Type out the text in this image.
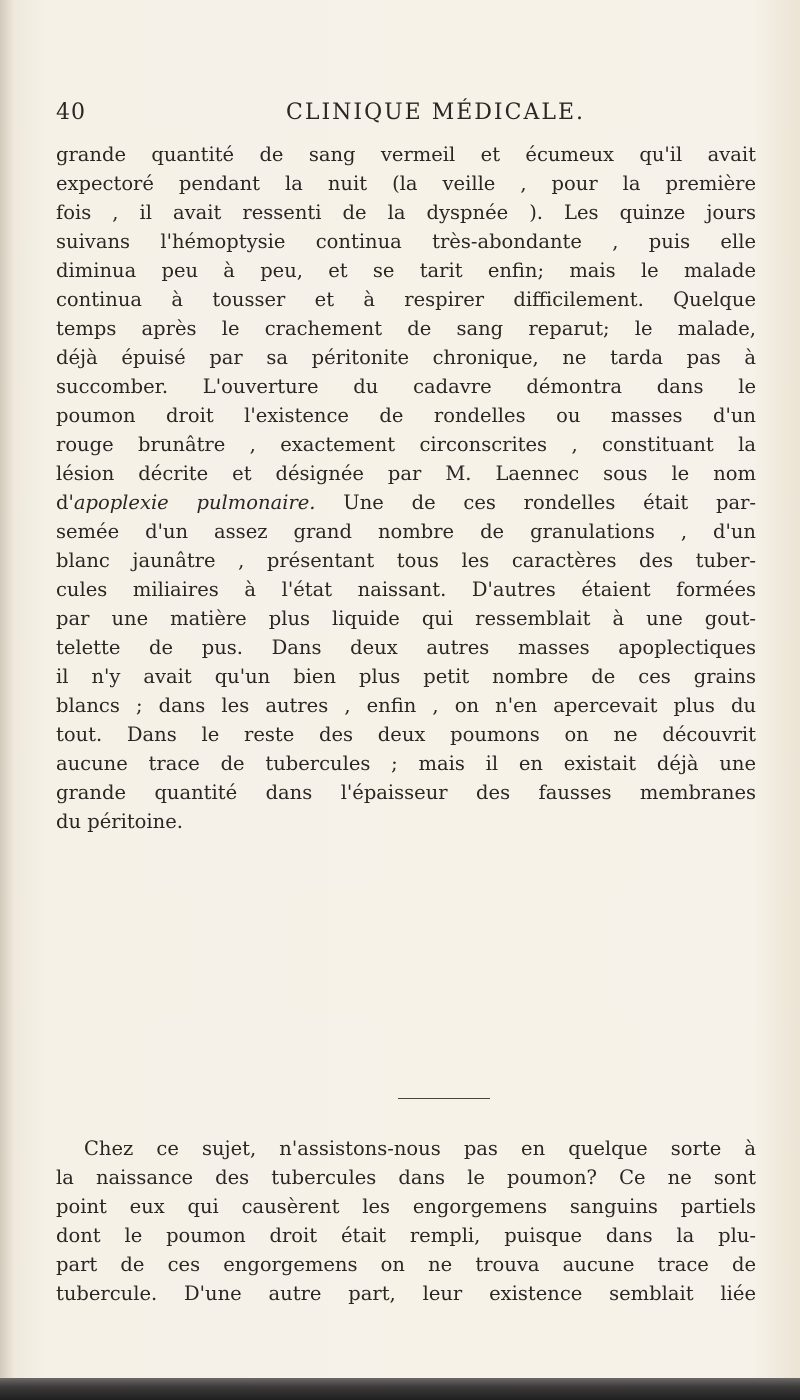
40	CLINIQUE MÉDICALE.
grande quantité de sang vermeil et écumeux qu'il avait
expectoré pendant la nuit (la veille , pour la première
fois , il avait ressenti de la dyspnée ). Les quinze jours
suivans l'hémoptysie continua très-abondante , puis elle
diminua peu à peu, et se tarit enfin; mais le malade
continua à tousser et à respirer difficilement. Quelque
temps après le crachement de sang reparut; le malade,
déjà épuisé par sa péritonite chronique, ne tarda pas à
succomber. L'ouverture du cadavre démontra dans le
poumon droit l'existence de rondelles ou masses d'un
rouge brunâtre , exactement circonscrites , constituant la
lésion décrite et désignée par M. Laennec sous le nom
d'apoplexie pulmonaire. Une de ces rondelles était par-
semée d'un assez grand nombre de granulations , d'un
blanc jaunâtre , présentant tous les caractères des tuber-
cules miliaires à l'état naissant. D'autres étaient formées
par une matière plus liquide qui ressemblait à une gout-
telette de pus. Dans deux autres masses apoplectiques
il n'y avait qu'un bien plus petit nombre de ces grains
blancs ; dans les autres , enfin , on n'en apercevait plus du
tout. Dans le reste des deux poumons on ne découvrit
aucune trace de tubercules ; mais il en existait déjà une
grande quantité dans l'épaisseur des fausses membranes
du péritoine.
Chez ce sujet, n'assistons-nous pas en quelque sorte à
la naissance des tubercules dans le poumon? Ce ne sont
point eux qui causèrent les engorgemens sanguins partiels
dont le poumon droit était rempli, puisque dans la plu-
part de ces engorgemens on ne trouva aucune trace de
tubercule. D'une autre part, leur existence semblait liée
